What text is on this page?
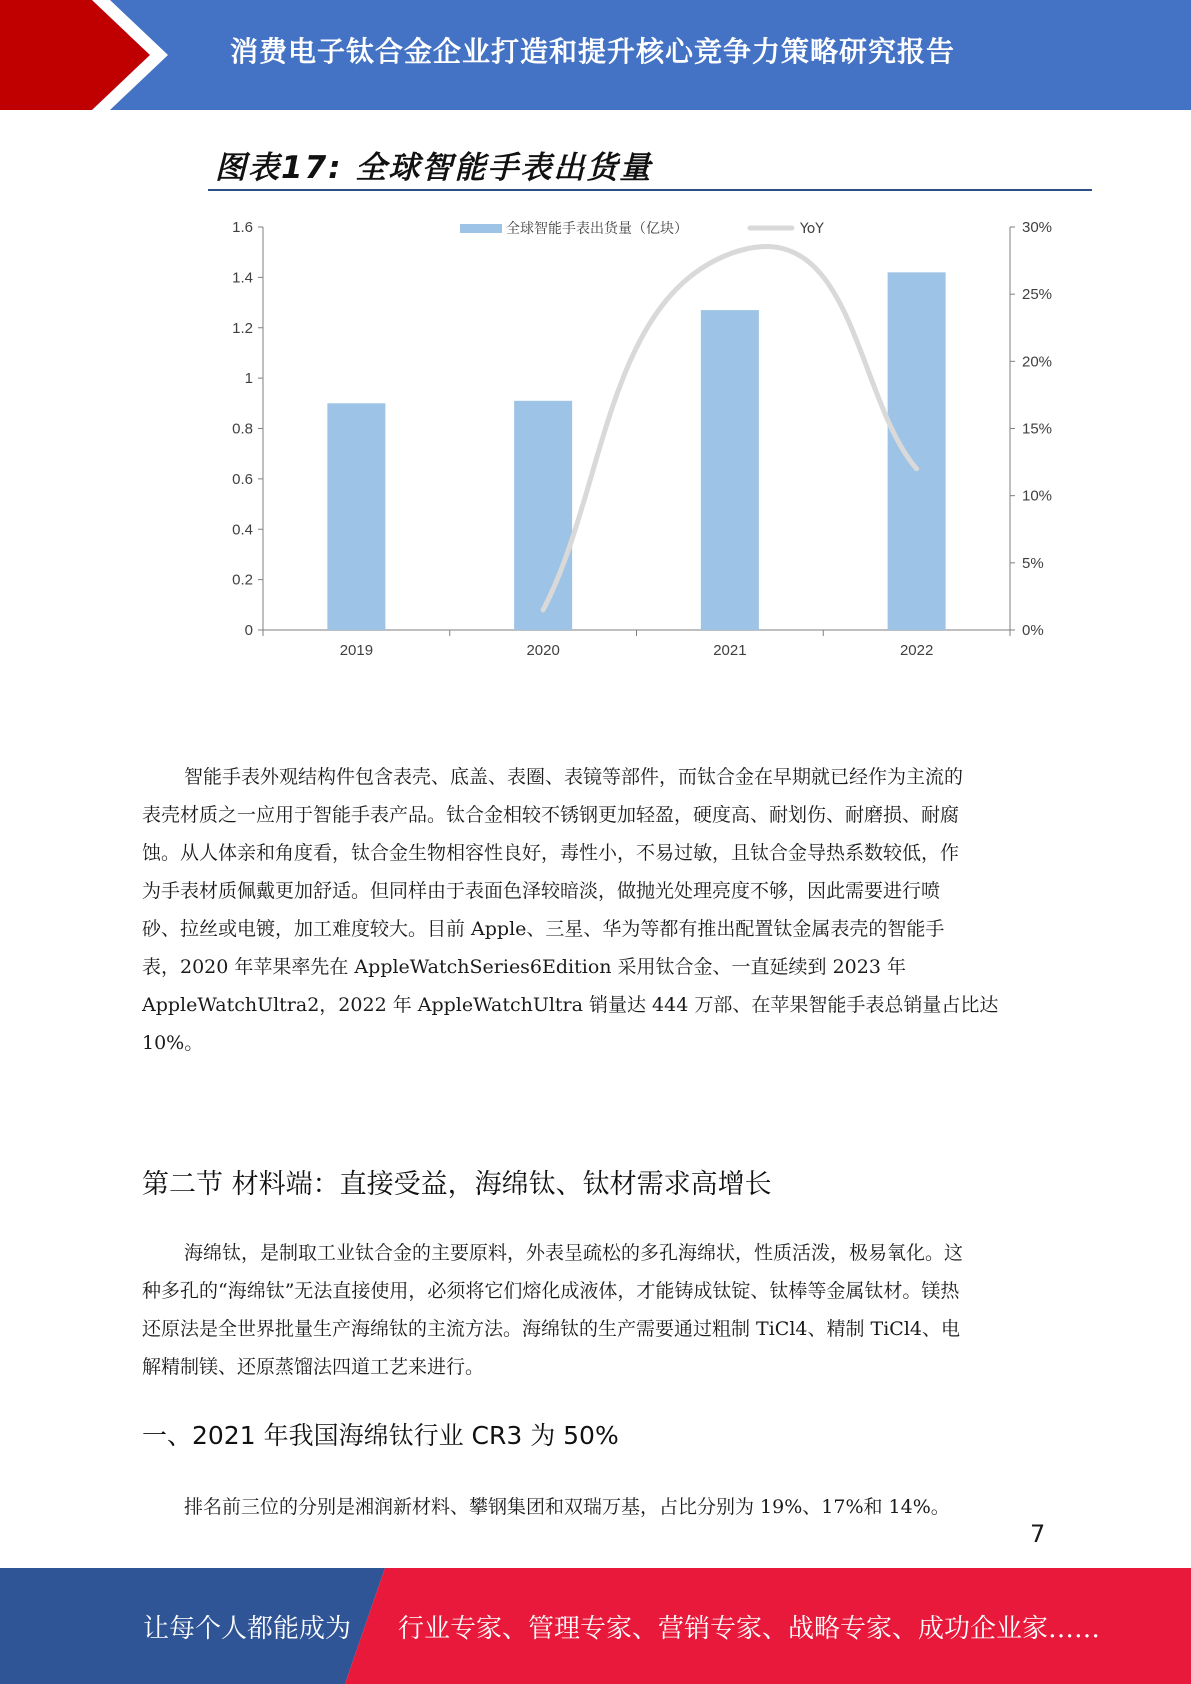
消费电子钛合金企业打造和提升核心竞争力策略研究报告
图表17: 全球智能手表出货量
0
0.2
0.4
0.6
0.8
1
1.2
1.4
1.6
0%
5%
10%
15%
20%
25%
30%
2019	2020	2021	2022
全球智能手表出货量（亿块）	YoY
智能手表外观结构件包含表壳、底盖、表圈、表镜等部件，而钛合金在早期就已经作为主流的
表壳材质之一应用于智能手表产品。钛合金相较不锈钢更加轻盈，硬度高、耐划伤、耐磨损、耐腐
蚀。从人体亲和角度看，钛合金生物相容性良好，毒性小，不易过敏，且钛合金导热系数较低，作
为手表材质佩戴更加舒适。但同样由于表面色泽较暗淡，做抛光处理亮度不够，因此需要进行喷
砂、拉丝或电镀，加工难度较大。目前 Apple、三星、华为等都有推出配置钛金属表壳的智能手
表，2020 年苹果率先在 AppleWatchSeries6Edition 采用钛合金、一直延续到 2023 年
AppleWatchUltra2，2022 年 AppleWatchUltra 销量达 444 万部、在苹果智能手表总销量占比达
10%。
第二节 材料端：直接受益，海绵钛、钛材需求高增长
海绵钛，是制取工业钛合金的主要原料，外表呈疏松的多孔海绵状，性质活泼，极易氧化。这
种多孔的“海绵钛”无法直接使用，必须将它们熔化成液体，才能铸成钛锭、钛棒等金属钛材。镁热
还原法是全世界批量生产海绵钛的主流方法。海绵钛的生产需要通过粗制 TiCl4、精制 TiCl4、电
解精制镁、还原蒸馏法四道工艺来进行。
一、2021 年我国海绵钛行业 CR3 为 50%
排名前三位的分别是湘润新材料、攀钢集团和双瑞万基，占比分别为 19%、17%和 14%。
7
让每个人都能成为 行业专家、管理专家、营销专家、战略专家、成功企业家……
